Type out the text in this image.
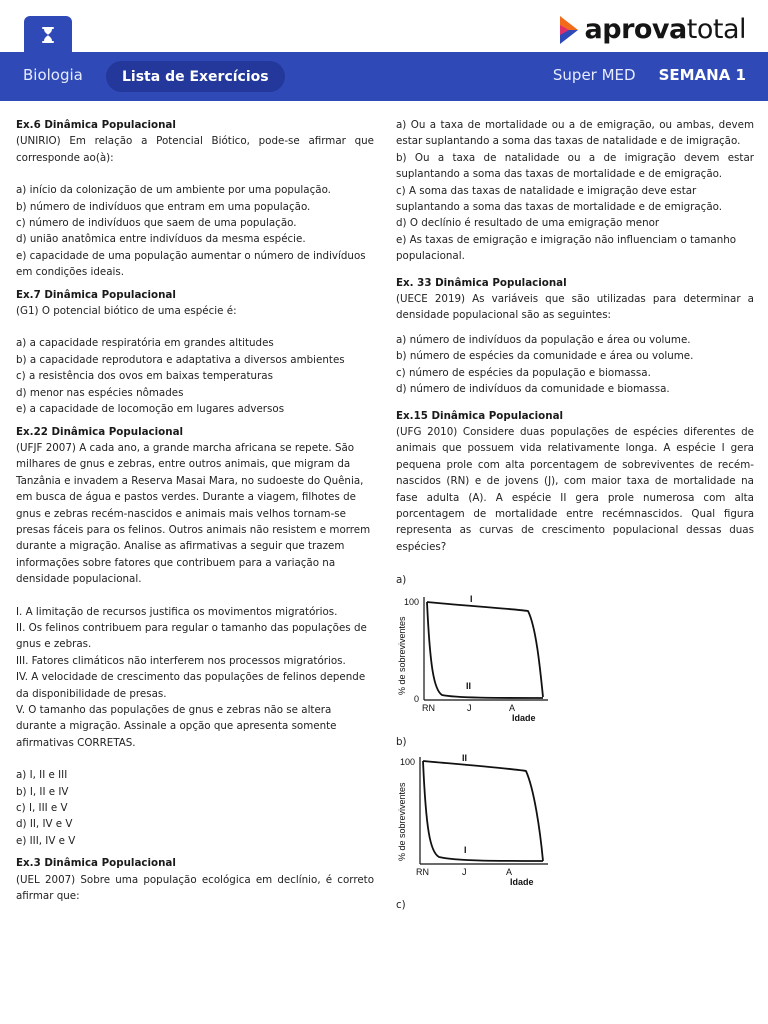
aprovatotal
Biologia	Lista de Exercícios	Super MED SEMANA 1
Ex.6 Dinâmica Populacional
(UNIRIO) Em relação a Potencial Biótico, pode-se afirmar que corresponde ao(à):
a) início da colonização de um ambiente por uma população.
b) número de indivíduos que entram em uma população.
c) número de indivíduos que saem de uma população.
d) união anatômica entre indivíduos da mesma espécie.
e) capacidade de uma população aumentar o número de indivíduos em condições ideais.
Ex.7 Dinâmica Populacional
(G1) O potencial biótico de uma espécie é:
a) a capacidade respiratória em grandes altitudes
b) a capacidade reprodutora e adaptativa a diversos ambientes
c) a resistência dos ovos em baixas temperaturas
d) menor nas espécies nômades
e) a capacidade de locomoção em lugares adversos
Ex.22 Dinâmica Populacional
(UFJF 2007) A cada ano, a grande marcha africana se repete. São milhares de gnus e zebras, entre outros animais, que migram da Tanzânia e invadem a Reserva Masai Mara, no sudoeste do Quênia, em busca de água e pastos verdes. Durante a viagem, filhotes de gnus e zebras recém-nascidos e animais mais velhos tornam-se presas fáceis para os felinos. Outros animais não resistem e morrem durante a migração. Analise as afirmativas a seguir que trazem informações sobre fatores que contribuem para a variação na densidade populacional.
I. A limitação de recursos justifica os movimentos migratórios.
II. Os felinos contribuem para regular o tamanho das populações de gnus e zebras.
III. Fatores climáticos não interferem nos processos migratórios.
IV. A velocidade de crescimento das populações de felinos depende da disponibilidade de presas.
V. O tamanho das populações de gnus e zebras não se altera durante a migração. Assinale a opção que apresenta somente afirmativas CORRETAS.
a) I, II e III
b) I, II e IV
c) I, III e V
d) II, IV e V
e) III, IV e V
Ex.3 Dinâmica Populacional
(UEL 2007) Sobre uma população ecológica em declínio, é correto afirmar que:
a) Ou a taxa de mortalidade ou a de emigração, ou ambas, devem estar suplantando a soma das taxas de natalidade e de imigração.
b) Ou a taxa de natalidade ou a de imigração devem estar suplantando a soma das taxas de mortalidade e de emigração.
c) A soma das taxas de natalidade e imigração deve estar suplantando a soma das taxas de mortalidade e de emigração.
d) O declínio é resultado de uma emigração menor
e) As taxas de emigração e imigração não influenciam o tamanho populacional.
Ex. 33 Dinâmica Populacional
(UECE 2019) As variáveis que são utilizadas para determinar a densidade populacional são as seguintes:
a) número de indivíduos da população e área ou volume.
b) número de espécies da comunidade e área ou volume.
c) número de espécies da população e biomassa.
d) número de indivíduos da comunidade e biomassa.
Ex.15 Dinâmica Populacional
(UFG 2010) Considere duas populações de espécies diferentes de animais que possuem vida relativamente longa. A espécie I gera pequena prole com alta porcentagem de sobreviventes de recém-nascidos (RN) e de jovens (J), com maior taxa de mortalidade na fase adulta (A). A espécie II gera prole numerosa com alta porcentagem de mortalidade entre recémnascidos. Qual figura representa as curvas de crescimento populacional dessas duas espécies?
a)
% de sobreviventes
100
0
I
II
RN	J	A
Idade
b)
% de sobreviventes
100	II
I
RN	J	A
Idade
c)
